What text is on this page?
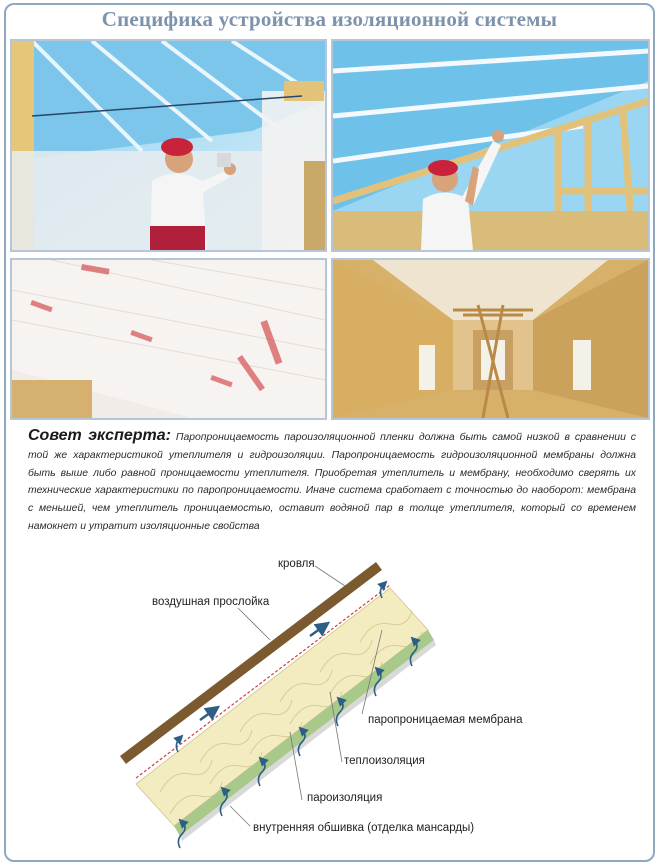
Специфика устройства изоляционной системы
Совет эксперта: Паропроницаемость пароизоляционной пленки должна быть самой низкой в сравнении с той же характеристикой утеплителя и гидроизоляции. Паропроницаемость гидроизоляционной мембраны должна быть выше либо равной проницаемости утеплителя. Приобретая утеплитель и мембрану, необходимо сверять их технические характеристики по паропроницаемости. Иначе система сработает с точностью до наоборот: мембрана с меньшей, чем утеплитель проницаемостью, оставит водяной пар в толще утеплителя, который со временем намокнет и утратит изоляционные свойства
кровля
воздушная прослойка
паропроницаемая мембрана
теплоизоляция
пароизоляция
внутренняя обшивка (отделка мансарды)
